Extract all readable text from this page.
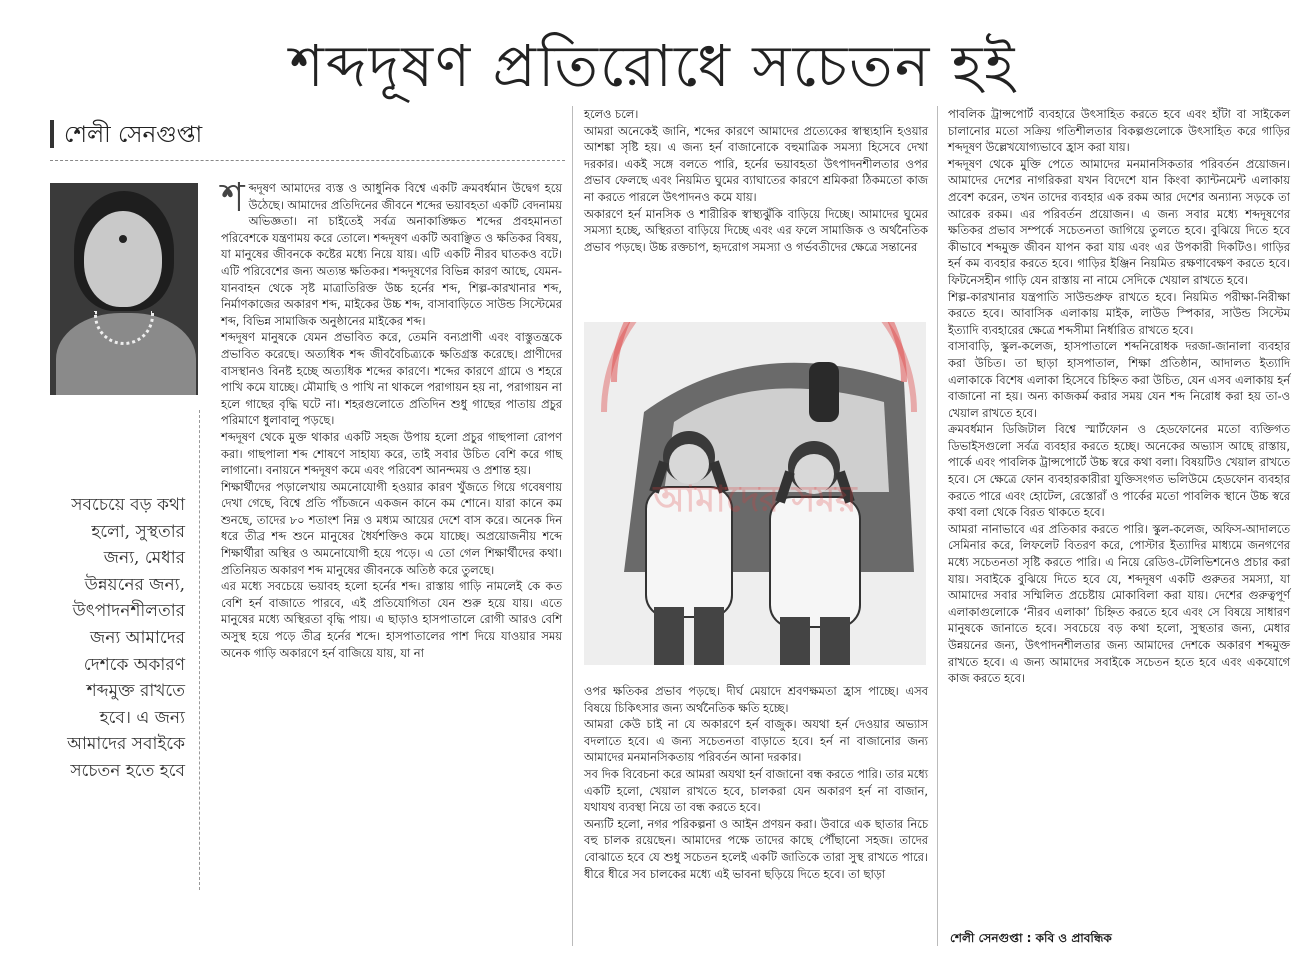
শব্দদূষণ প্রতিরোধে সচেতন হই
শেলী সেনগুপ্তা
সবচেয়ে বড় কথা হলো, সুস্থতার জন্য, মেধার উন্নয়নের জন্য, উৎপাদনশীলতার জন্য আমাদের দেশকে অকারণ শব্দমুক্ত রাখতে হবে। এ জন্য আমাদের সবাইকে সচেতন হতে হবে

শব্দদূষণ আমাদের ব্যস্ত ও আধুনিক বিশ্বে একটি ক্রমবর্ধমান উদ্বেগ হয়ে উঠেছে। আমাদের প্রতিদিনের জীবনে শব্দের ভয়াবহতা একটি বেদনাময় অভিজ্ঞতা। না চাইতেই সর্বত্র অনাকাঙ্ক্ষিত শব্দের প্রবহমানতা পরিবেশকে যন্ত্রণাময় করে তোলে। শব্দদূষণ একটি অবাঞ্ছিত ও ক্ষতিকর বিষয়, যা মানুষের জীবনকে কষ্টের মধ্যে নিয়ে যায়। এটি একটি নীরব ঘাতকও বটে। এটি পরিবেশের জন্য অত্যন্ত ক্ষতিকর। শব্দদূষণের বিভিন্ন কারণ আছে, যেমন- যানবাহন থেকে সৃষ্ট মাত্রাতিরিক্ত উচ্চ হর্নের শব্দ, শিল্প-কারখানার শব্দ, নির্মাণকাজের অকারণ শব্দ, মাইকের উচ্চ শব্দ, বাসাবাড়িতে সাউন্ড সিস্টেমের শব্দ, বিভিন্ন সামাজিক অনুষ্ঠানের মাইকের শব্দ।

শব্দদূষণ মানুষকে যেমন প্রভাবিত করে, তেমনি বন্যপ্রাণী এবং বাস্তুতন্ত্রকে প্রভাবিত করেছে। অত্যধিক শব্দ জীববৈচিত্র্যকে ক্ষতিগ্রস্ত করেছে। প্রাণীদের বাসস্থানও বিনষ্ট হচ্ছে অত্যধিক শব্দের কারণে। শব্দের কারণে গ্রামে ও শহরে পাখি কমে যাচ্ছে। মৌমাছি ও পাখি না থাকলে পরাগায়ন হয় না, পরাগায়ন না হলে গাছের বৃদ্ধি ঘটে না। শহরগুলোতে প্রতিদিন শুধু গাছের পাতায় প্রচুর পরিমাণে ধুলাবালু পড়ছে।

শব্দদূষণ থেকে মুক্ত থাকার একটি সহজ উপায় হলো প্রচুর গাছপালা রোপণ করা। গাছপালা শব্দ শোষণে সাহায্য করে, তাই সবার উচিত বেশি করে গাছ লাগানো। বনায়নে শব্দদূষণ কমে এবং পরিবেশ আনন্দময় ও প্রশান্ত হয়।

শিক্ষার্থীদের পড়ালেখায় অমনোযোগী হওয়ার কারণ খুঁজতে গিয়ে গবেষণায় দেখা গেছে, বিশ্বে প্রতি পাঁচজনে একজন কানে কম শোনে। যারা কানে কম শুনছে, তাদের ৮০ শতাংশ নিম্ন ও মধ্যম আয়ের দেশে বাস করে। অনেক দিন ধরে তীব্র শব্দ শুনে মানুষের ধৈর্যশক্তিও কমে যাচ্ছে। অপ্রয়োজনীয় শব্দে শিক্ষার্থীরা অস্থির ও অমনোযোগী হয়ে পড়ে। এ তো গেল শিক্ষার্থীদের কথা। প্রতিনিয়ত অকারণ শব্দ মানুষের জীবনকে অতিষ্ঠ করে তুলছে।

এর মধ্যে সবচেয়ে ভয়াবহ হলো হর্নের শব্দ। রাস্তায় গাড়ি নামলেই কে কত বেশি হর্ন বাজাতে পারবে, এই প্রতিযোগিতা যেন শুরু হয়ে যায়। এতে মানুষের মধ্যে অস্থিরতা বৃদ্ধি পায়। এ ছাড়াও হাসপাতালে রোগী আরও বেশি অসুস্থ হয়ে পড়ে তীব্র হর্নের শব্দে। হাসপাতালের পাশ দিয়ে যাওয়ার সময় অনেক গাড়ি অকারণে হর্ন বাজিয়ে যায়, যা না

হলেও চলে।

আমরা অনেকেই জানি, শব্দের কারণে আমাদের প্রত্যেকের স্বাস্থ্যহানি হওয়ার আশঙ্কা সৃষ্টি হয়। এ জন্য হর্ন বাজানোকে বহুমাত্রিক সমস্যা হিসেবে দেখা দরকার। একই সঙ্গে বলতে পারি, হর্নের ভয়াবহতা উৎপাদনশীলতার ওপর প্রভাব ফেলছে এবং নিয়মিত ঘুমের ব্যাঘাতের কারণে শ্রমিকরা ঠিকমতো কাজ না করতে পারলে উৎপাদনও কমে যায়।

অকারণে হর্ন মানসিক ও শারীরিক স্বাস্থ্যঝুঁকি বাড়িয়ে দিচ্ছে। আমাদের ঘুমের সমস্যা হচ্ছে, অস্থিরতা বাড়িয়ে দিচ্ছে এবং এর ফলে সামাজিক ও অর্থনৈতিক প্রভাব পড়ছে। উচ্চ রক্তচাপ, হৃদরোগ সমস্যা ও গর্ভবতীদের ক্ষেত্রে সন্তানের

আমাদের সময়

ওপর ক্ষতিকর প্রভাব পড়ছে। দীর্ঘ মেয়াদে শ্রবণক্ষমতা হ্রাস পাচ্ছে। এসব বিষয়ে চিকিৎসার জন্য অর্থনৈতিক ক্ষতি হচ্ছে।

আমরা কেউ চাই না যে অকারণে হর্ন বাজুক। অযথা হর্ন দেওয়ার অভ্যাস বদলাতে হবে। এ জন্য সচেতনতা বাড়াতে হবে। হর্ন না বাজানোর জন্য আমাদের মনমানসিকতায় পরিবর্তন আনা দরকার।

সব দিক বিবেচনা করে আমরা অযথা হর্ন বাজানো বন্ধ করতে পারি। তার মধ্যে একটি হলো, খেয়াল রাখতে হবে, চালকরা যেন অকারণ হর্ন না বাজান, যথাযথ ব্যবস্থা নিয়ে তা বন্ধ করতে হবে।

অন্যটি হলো, নগর পরিকল্পনা ও আইন প্রণয়ন করা। উবারে এক ছাতার নিচে বহু চালক রয়েছেন। আমাদের পক্ষে তাদের কাছে পৌঁছানো সহজ। তাদের বোঝাতে হবে যে শুধু সচেতন হলেই একটি জাতিকে তারা সুস্থ রাখতে পারে। ধীরে ধীরে সব চালকের মধ্যে এই ভাবনা ছড়িয়ে দিতে হবে। তা ছাড়া

পাবলিক ট্রান্সপোর্ট ব্যবহারে উৎসাহিত করতে হবে এবং হাঁটা বা সাইকেল চালানোর মতো সক্রিয় গতিশীলতার বিকল্পগুলোকে উৎসাহিত করে গাড়ির শব্দদূষণ উল্লেখযোগ্যভাবে হ্রাস করা যায়।

শব্দদূষণ থেকে মুক্তি পেতে আমাদের মনমানসিকতার পরিবর্তন প্রয়োজন। আমাদের দেশের নাগরিকরা যখন বিদেশে যান কিংবা ক্যান্টনমেন্ট এলাকায় প্রবেশ করেন, তখন তাদের ব্যবহার এক রকম আর দেশের অন্যান্য সড়কে তা আরেক রকম। এর পরিবর্তন প্রয়োজন। এ জন্য সবার মধ্যে শব্দদূষণের ক্ষতিকর প্রভাব সম্পর্কে সচেতনতা জাগিয়ে তুলতে হবে। বুঝিয়ে দিতে হবে কীভাবে শব্দমুক্ত জীবন যাপন করা যায় এবং এর উপকারী দিকটিও। গাড়ির হর্ন কম ব্যবহার করতে হবে। গাড়ির ইঞ্জিন নিয়মিত রক্ষণাবেক্ষণ করতে হবে। ফিটনেসহীন গাড়ি যেন রাস্তায় না নামে সেদিকে খেয়াল রাখতে হবে।

শিল্প-কারখানার যন্ত্রপাতি সাউন্ডপ্রুফ রাখতে হবে। নিয়মিত পরীক্ষা-নিরীক্ষা করতে হবে। আবাসিক এলাকায় মাইক, লাউড স্পিকার, সাউন্ড সিস্টেম ইত্যাদি ব্যবহারের ক্ষেত্রে শব্দসীমা নির্ধারিত রাখতে হবে।

বাসাবাড়ি, স্কুল-কলেজ, হাসপাতালে শব্দনিরোধক দরজা-জানালা ব্যবহার করা উচিত। তা ছাড়া হাসপাতাল, শিক্ষা প্রতিষ্ঠান, আদালত ইত্যাদি এলাকাকে বিশেষ এলাকা হিসেবে চিহ্নিত করা উচিত, যেন এসব এলাকায় হর্ন বাজানো না হয়। অন্য কাজকর্ম করার সময় যেন শব্দ নিরোধ করা হয় তা-ও খেয়াল রাখতে হবে।

ক্রমবর্ধমান ডিজিটাল বিশ্বে স্মার্টফোন ও হেডফোনের মতো ব্যক্তিগত ডিভাইসগুলো সর্বত্র ব্যবহার করতে হচ্ছে। অনেকের অভ্যাস আছে রাস্তায়, পার্কে এবং পাবলিক ট্রান্সপোর্টে উচ্চ স্বরে কথা বলা। বিষয়টিও খেয়াল রাখতে হবে। সে ক্ষেত্রে ফোন ব্যবহারকারীরা যুক্তিসংগত ভলিউমে হেডফোন ব্যবহার করতে পারে এবং হোটেল, রেস্তোরাঁ ও পার্কের মতো পাবলিক স্থানে উচ্চ স্বরে কথা বলা থেকে বিরত থাকতে হবে।

আমরা নানাভাবে এর প্রতিকার করতে পারি। স্কুল-কলেজ, অফিস-আদালতে সেমিনার করে, লিফলেট বিতরণ করে, পোস্টার ইত্যাদির মাধ্যমে জনগণের মধ্যে সচেতনতা সৃষ্টি করতে পারি। এ নিয়ে রেডিও-টেলিভিশনেও প্রচার করা যায়। সবাইকে বুঝিয়ে দিতে হবে যে, শব্দদূষণ একটি গুরুতর সমস্যা, যা আমাদের সবার সম্মিলিত প্রচেষ্টায় মোকাবিলা করা যায়। দেশের গুরুত্বপূর্ণ এলাকাগুলোকে ‘নীরব এলাকা’ চিহ্নিত করতে হবে এবং সে বিষয়ে সাধারণ মানুষকে জানাতে হবে। সবচেয়ে বড় কথা হলো, সুস্থতার জন্য, মেধার উন্নয়নের জন্য, উৎপাদনশীলতার জন্য আমাদের দেশকে অকারণ শব্দমুক্ত রাখতে হবে। এ জন্য আমাদের সবাইকে সচেতন হতে হবে এবং একযোগে কাজ করতে হবে।

শেলী সেনগুপ্তা : কবি ও প্রাবন্ধিক
